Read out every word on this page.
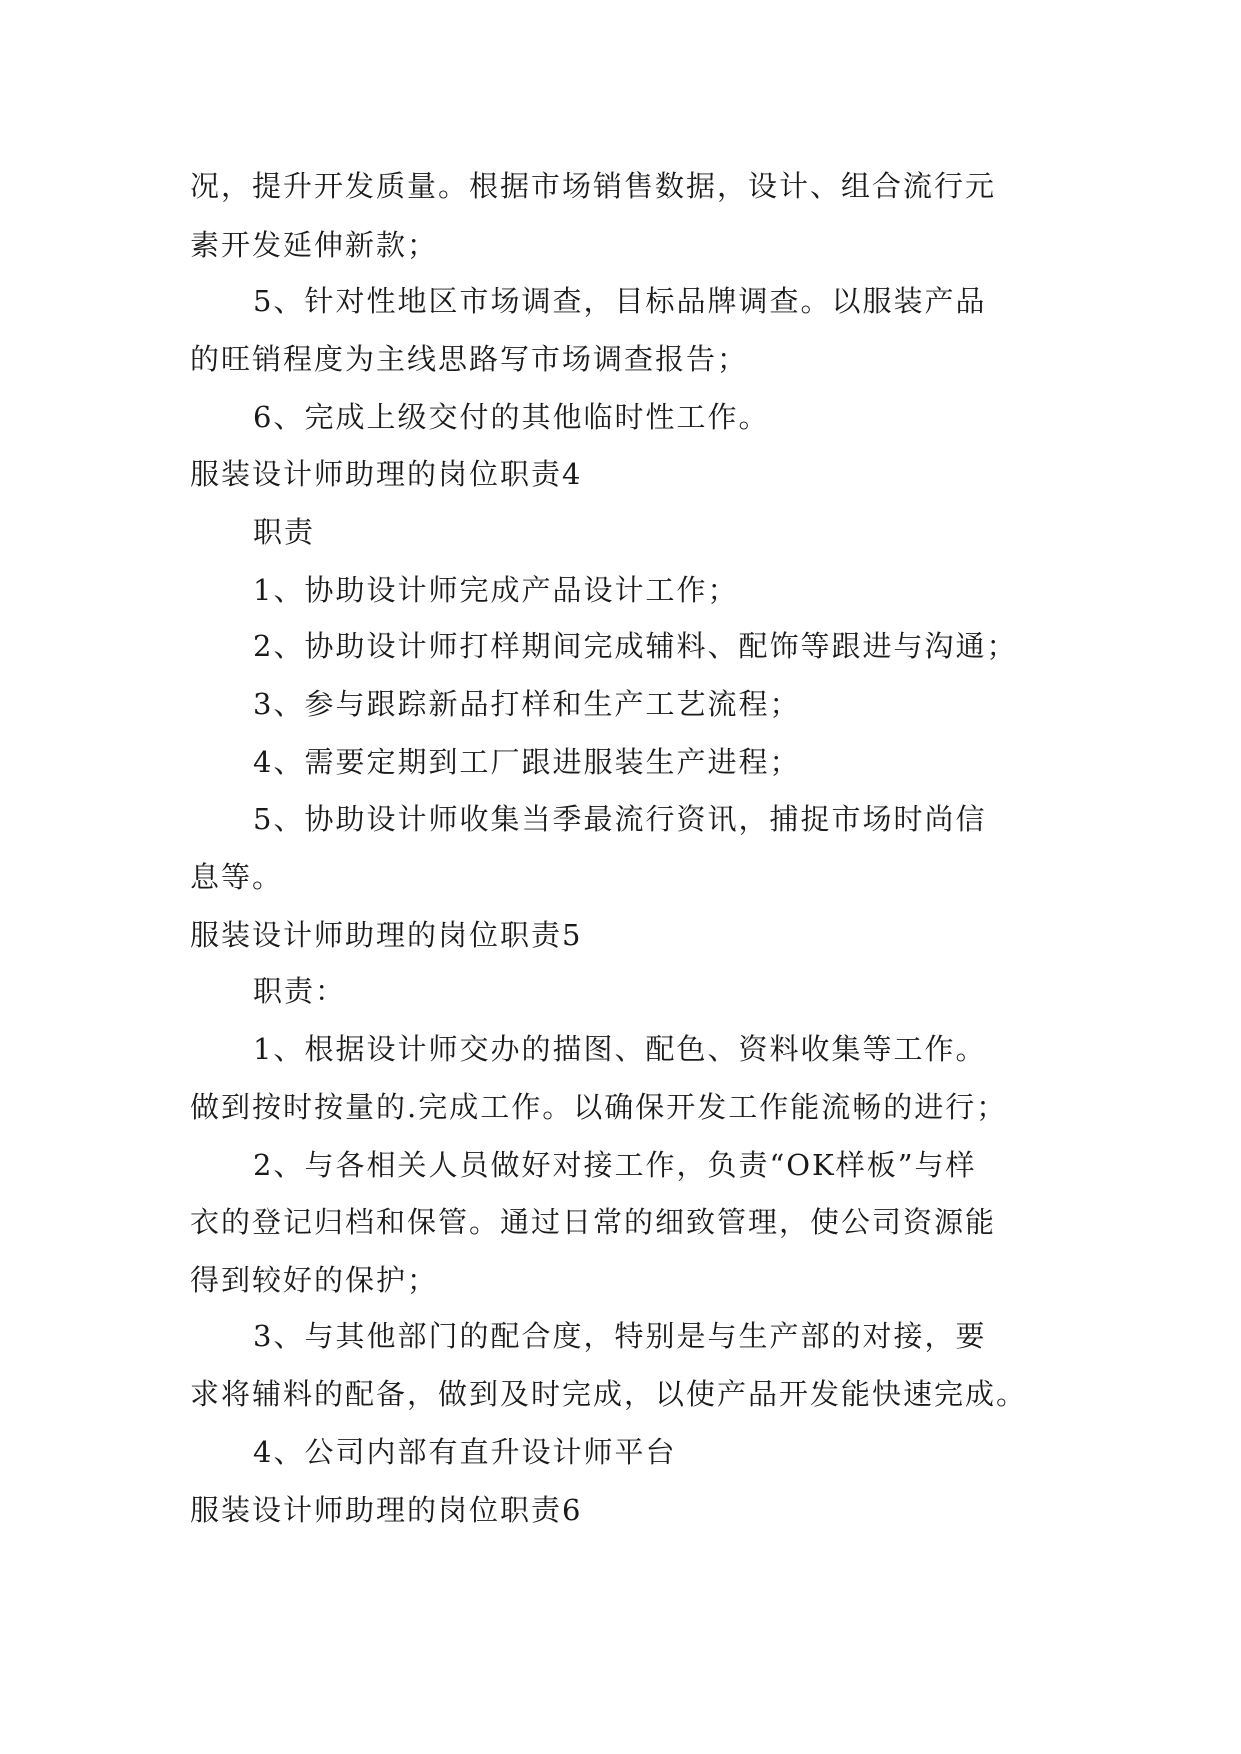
况，提升开发质量。根据市场销售数据，设计、组合流行元
素开发延伸新款；
5、针对性地区市场调查，目标品牌调查。以服装产品
的旺销程度为主线思路写市场调查报告；
6、完成上级交付的其他临时性工作。
服装设计师助理的岗位职责4
职责
1、协助设计师完成产品设计工作；
2、协助设计师打样期间完成辅料、配饰等跟进与沟通；
3、参与跟踪新品打样和生产工艺流程；
4、需要定期到工厂跟进服装生产进程；
5、协助设计师收集当季最流行资讯，捕捉市场时尚信
息等。
服装设计师助理的岗位职责5
职责：
1、根据设计师交办的描图、配色、资料收集等工作。
做到按时按量的.完成工作。以确保开发工作能流畅的进行；
2、与各相关人员做好对接工作，负责“OK样板”与样
衣的登记归档和保管。通过日常的细致管理，使公司资源能
得到较好的保护；
3、与其他部门的配合度，特别是与生产部的对接，要
求将辅料的配备，做到及时完成，以使产品开发能快速完成。
4、公司内部有直升设计师平台
服装设计师助理的岗位职责6
